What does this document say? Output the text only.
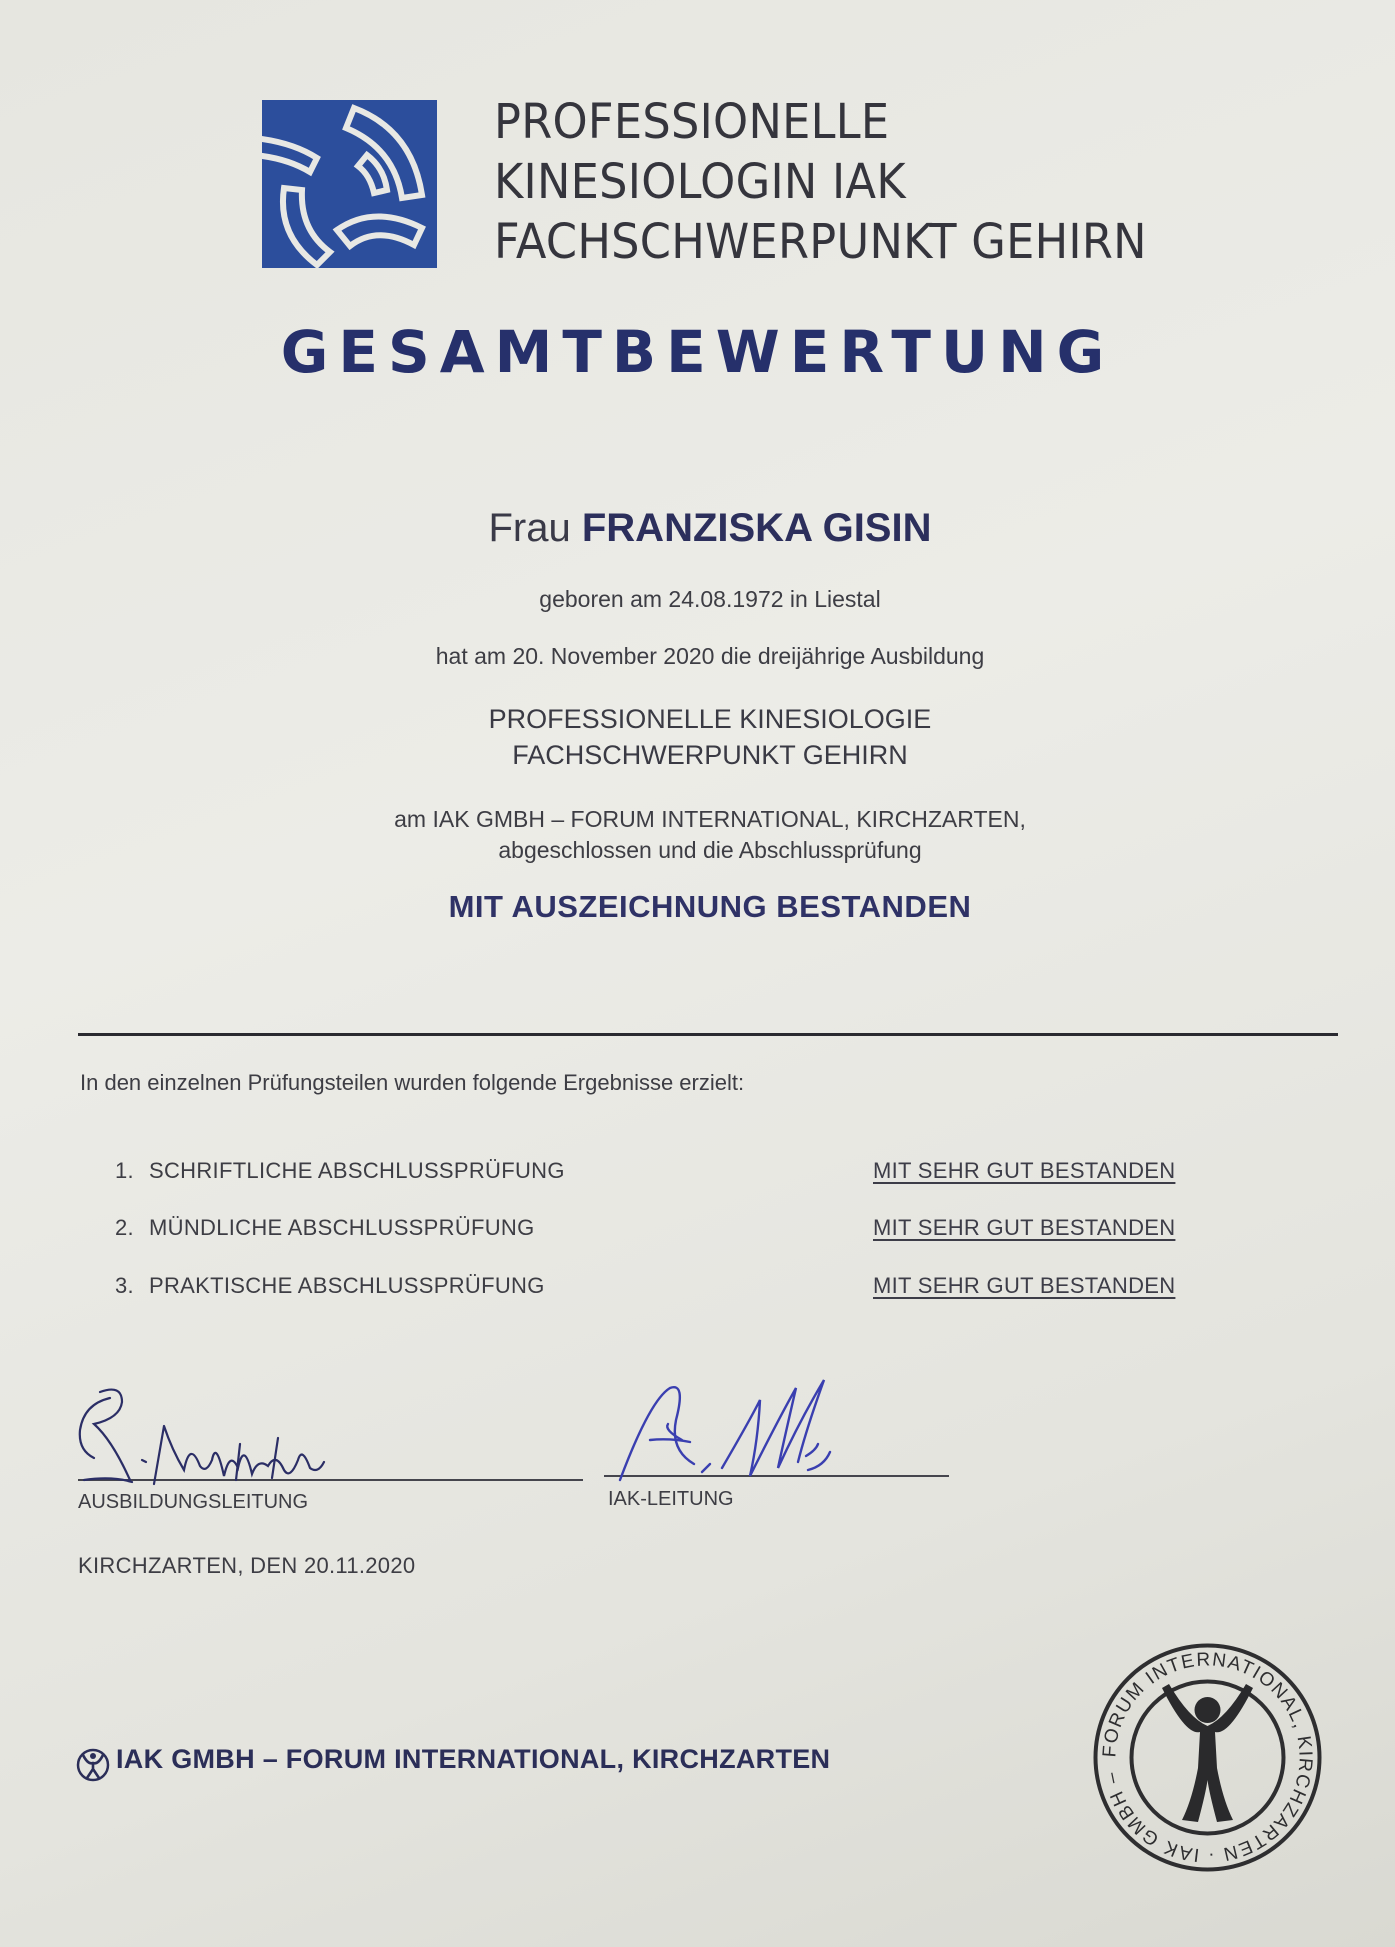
PROFESSIONELLE
KINESIOLOGIN IAK
FACHSCHWERPUNKT GEHIRN
GESAMTBEWERTUNG
Frau FRANZISKA GISIN
geboren am 24.08.1972 in Liestal
hat am 20. November 2020 die dreijährige Ausbildung
PROFESSIONELLE KINESIOLOGIE
FACHSCHWERPUNKT GEHIRN
am IAK GMBH – FORUM INTERNATIONAL, KIRCHZARTEN,
abgeschlossen und die Abschlussprüfung
MIT AUSZEICHNUNG BESTANDEN
In den einzelnen Prüfungsteilen wurden folgende Ergebnisse erzielt:
1. SCHRIFTLICHE ABSCHLUSSPRÜFUNG	MIT SEHR GUT BESTANDEN
2. MÜNDLICHE ABSCHLUSSPRÜFUNG	MIT SEHR GUT BESTANDEN
3. PRAKTISCHE ABSCHLUSSPRÜFUNG	MIT SEHR GUT BESTANDEN
AUSBILDUNGSLEITUNG	IAK-LEITUNG
KIRCHZARTEN, DEN 20.11.2020
IAK GMBH – FORUM INTERNATIONAL, KIRCHZARTEN	FORUM INTERNATIONAL, KIRCHZARTEN · IAK GMBH –
